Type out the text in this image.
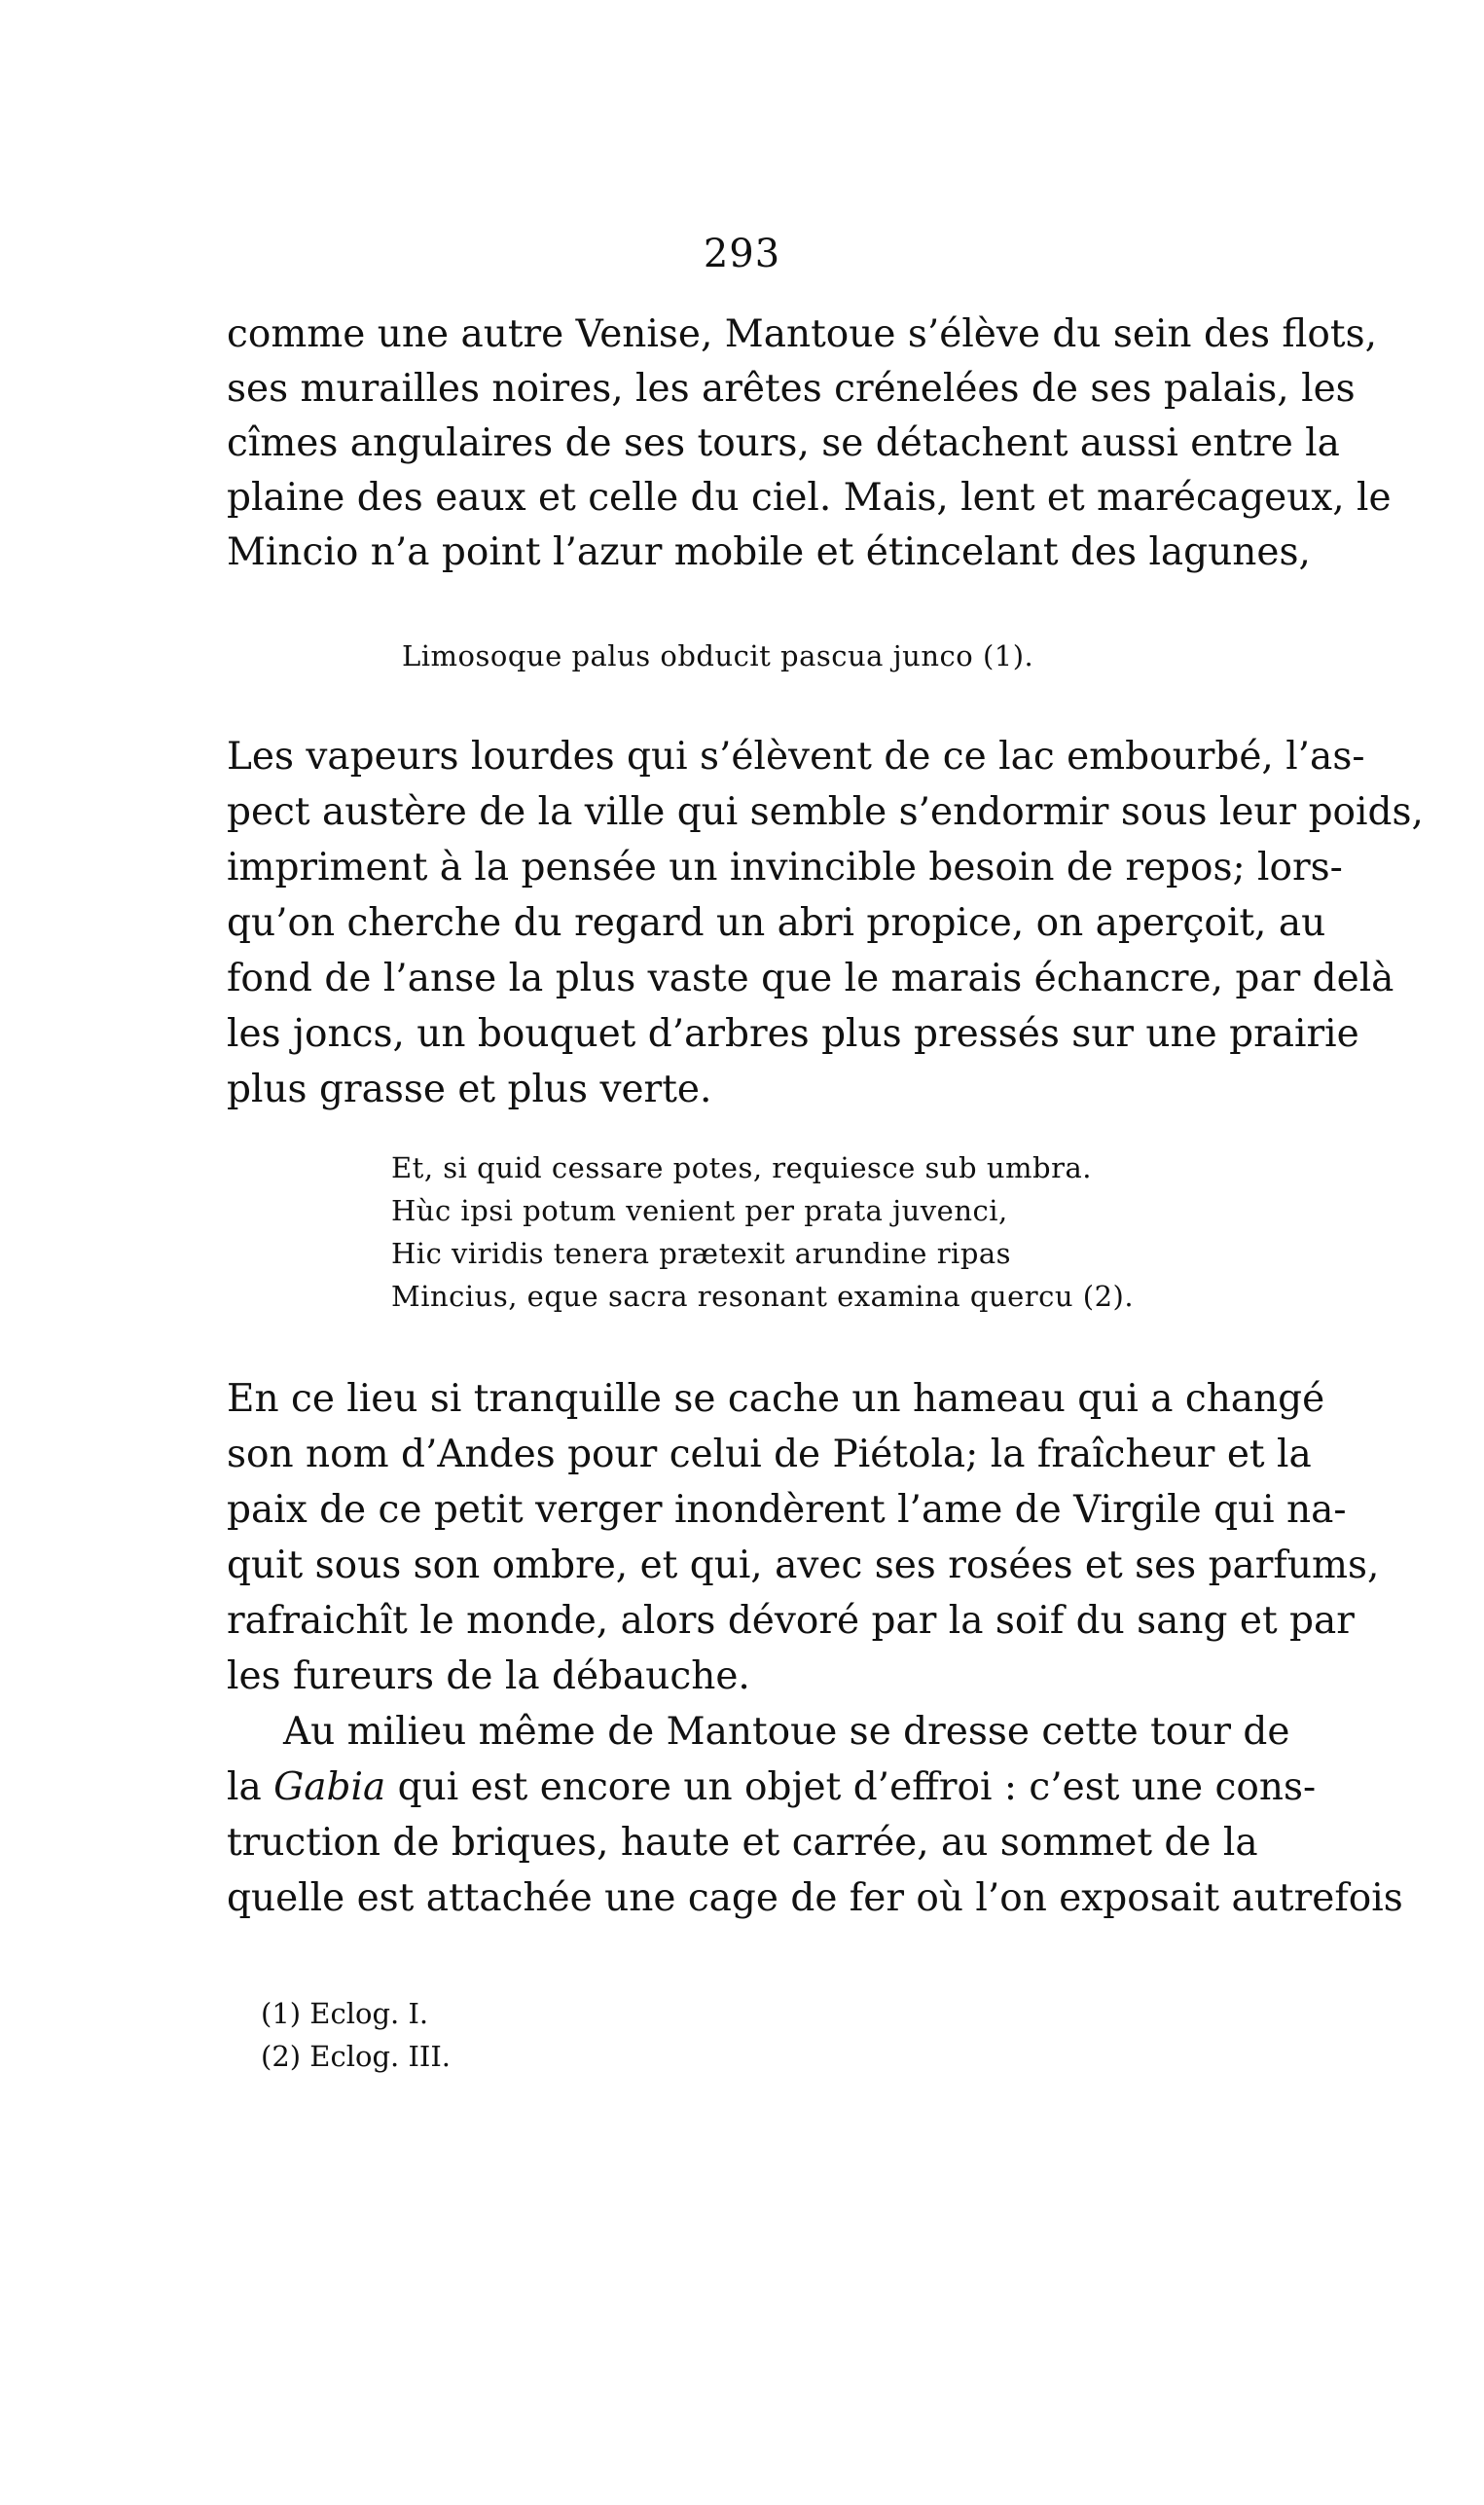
293
comme une autre Venise, Mantoue s’élève du sein des flots,
ses murailles noires, les arêtes crénelées de ses palais, les
cîmes angulaires de ses tours, se détachent aussi entre la
plaine des eaux et celle du ciel. Mais, lent et marécageux, le
Mincio n’a point l’azur mobile et étincelant des lagunes,
Limosoque palus obducit pascua junco (1).
Les vapeurs lourdes qui s’élèvent de ce lac embourbé, l’as-
pect austère de la ville qui semble s’endormir sous leur poids,
impriment à la pensée un invincible besoin de repos; lors-
qu’on cherche du regard un abri propice, on aperçoit, au
fond de l’anse la plus vaste que le marais échancre, par delà
les joncs, un bouquet d’arbres plus pressés sur une prairie
plus grasse et plus verte.
Et, si quid cessare potes, requiesce sub umbra.
Hùc ipsi potum venient per prata juvenci,
Hic viridis tenera prætexit arundine ripas
Mincius, eque sacra resonant examina quercu (2).
En ce lieu si tranquille se cache un hameau qui a changé
son nom d’Andes pour celui de Piétola; la fraîcheur et la
paix de ce petit verger inondèrent l’ame de Virgile qui na-
quit sous son ombre, et qui, avec ses rosées et ses parfums,
rafraichît le monde, alors dévoré par la soif du sang et par
les fureurs de la débauche.
Au milieu même de Mantoue se dresse cette tour de
la Gabia qui est encore un objet d’effroi : c’est une cons-
truction de briques, haute et carrée, au sommet de la
quelle est attachée une cage de fer où l’on exposait autrefois
(1) Eclog. I.
(2) Eclog. III.
